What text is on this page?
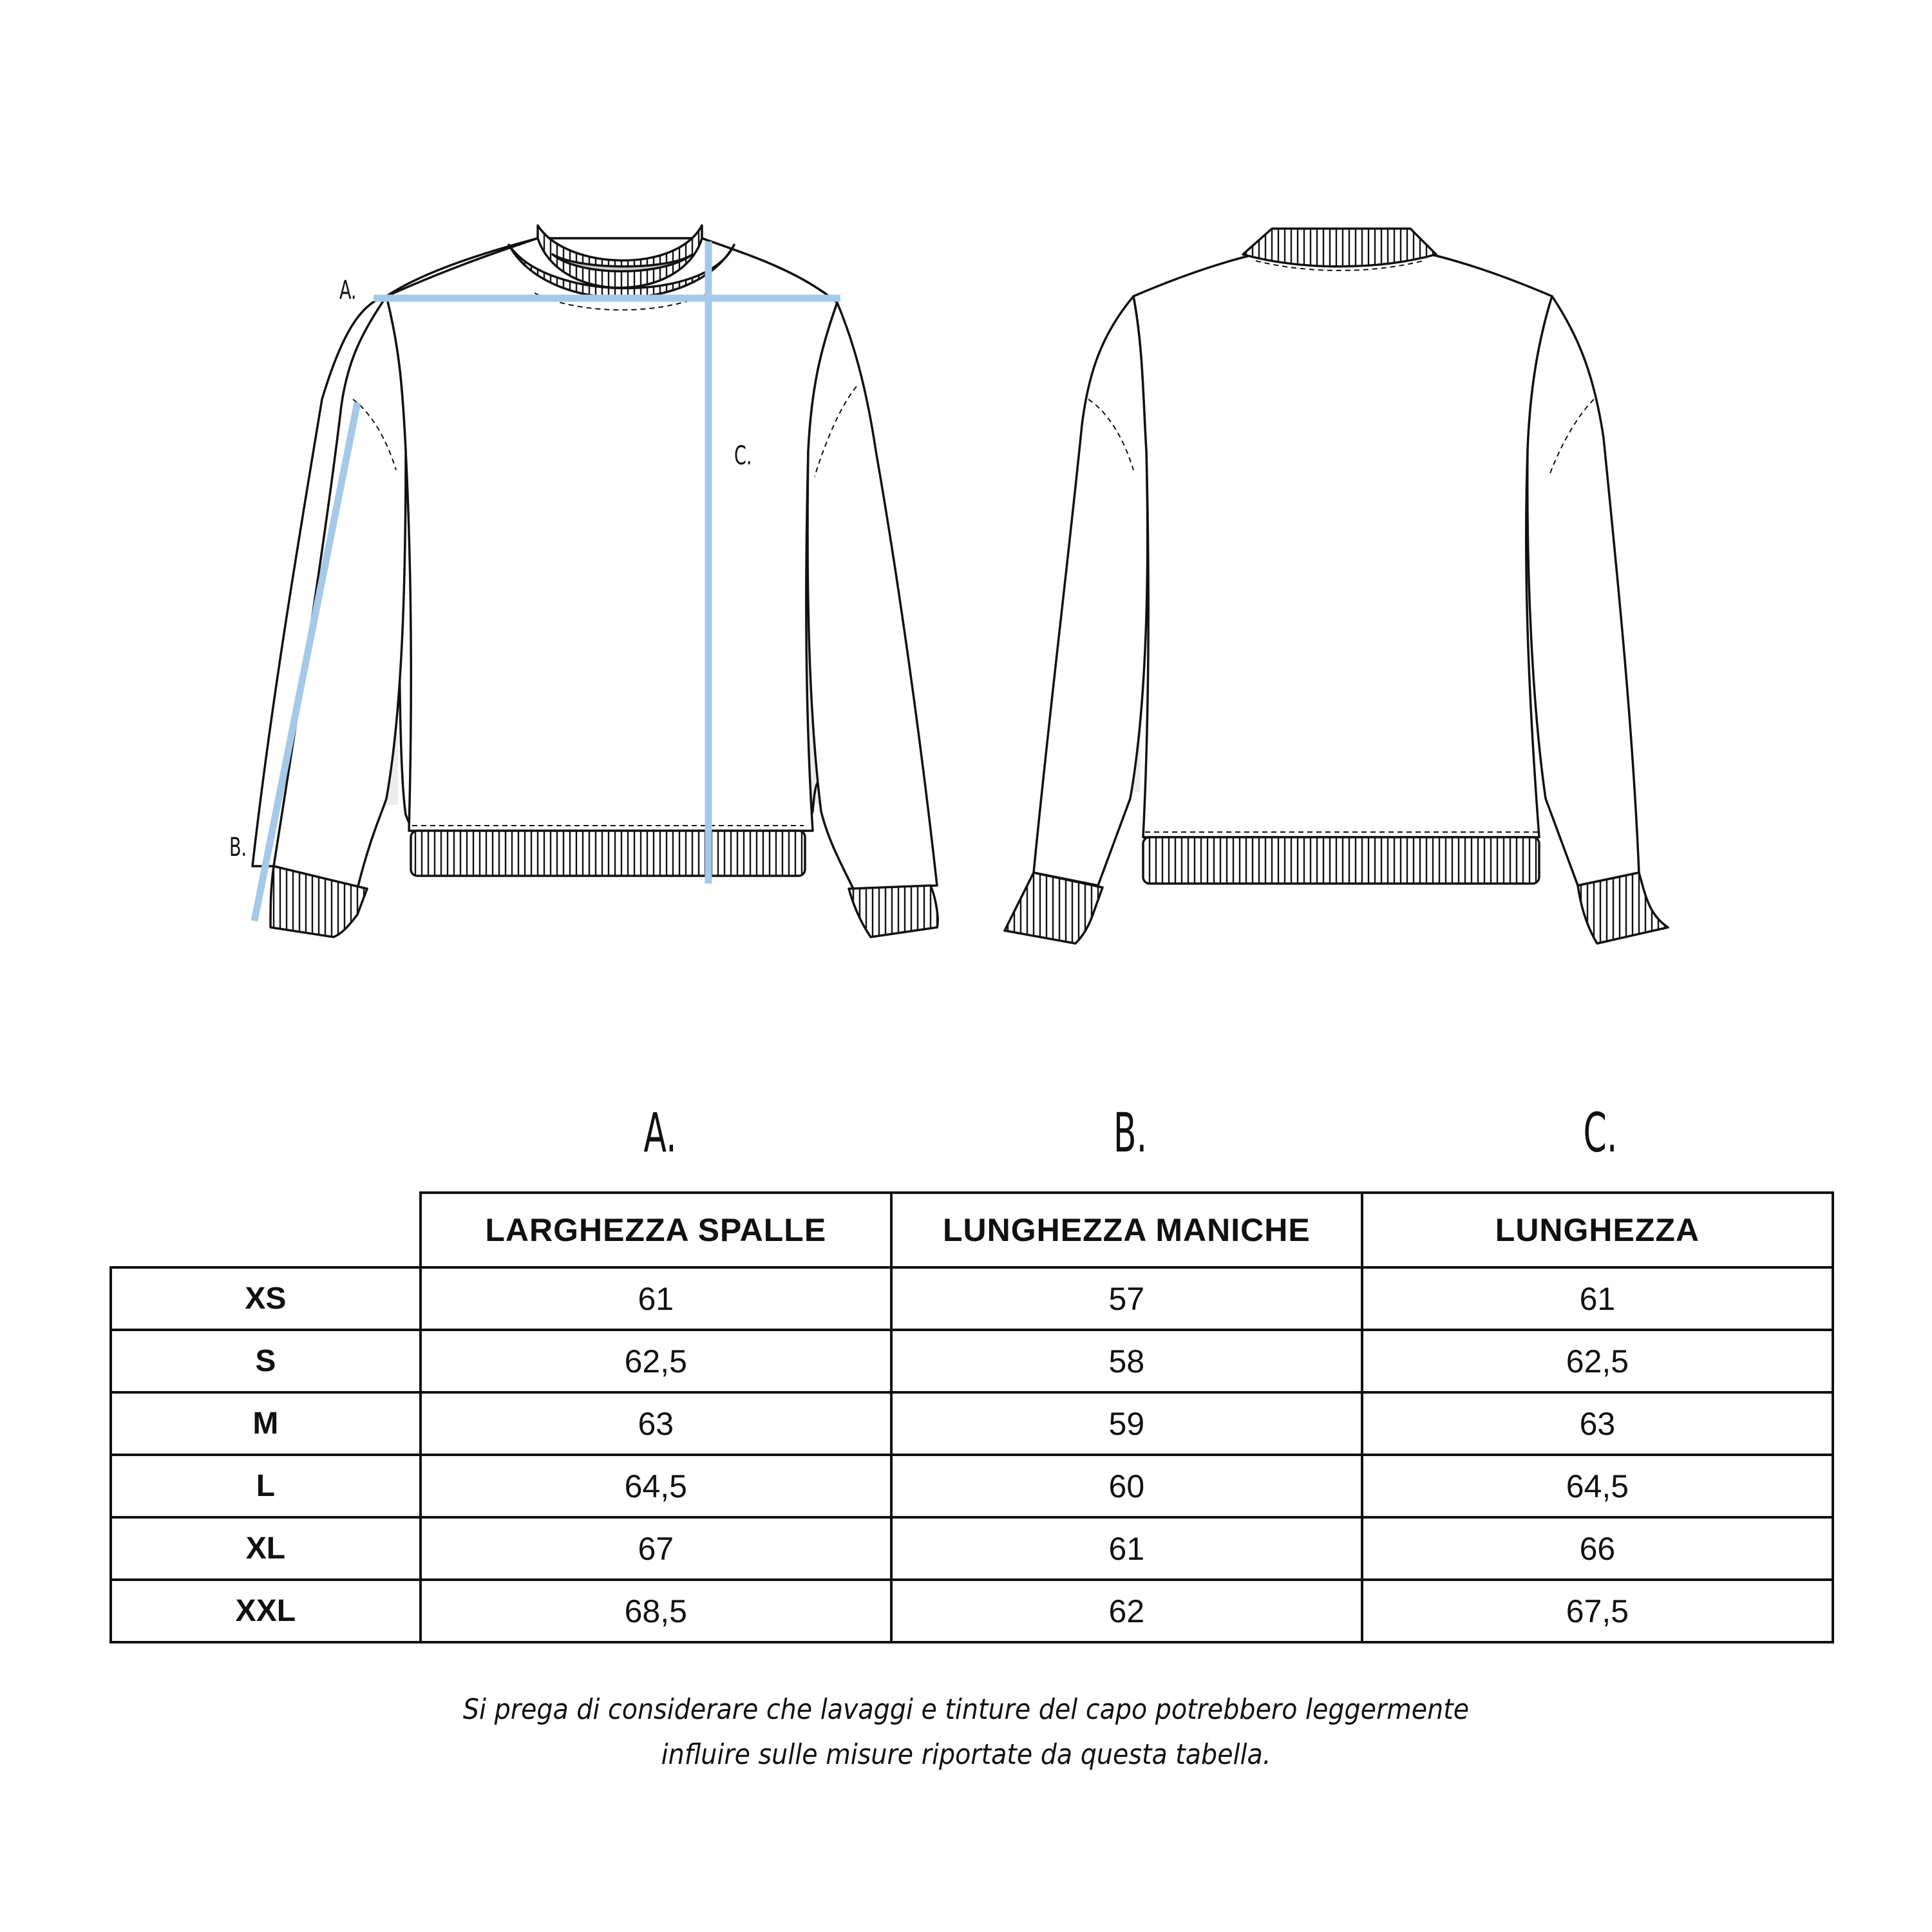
A.
B.
C.
A.	B.	C.
	LARGHEZZA SPALLE	LUNGHEZZA MANICHE	LUNGHEZZA
XS	61	57	61
S	62,5	58	62,5
M	63	59	63
L	64,5	60	64,5
XL	67	61	66
XXL	68,5	62	67,5
Si prega di considerare che lavaggi e tinture del capo potrebbero leggermente
influire sulle misure riportate da questa tabella.
